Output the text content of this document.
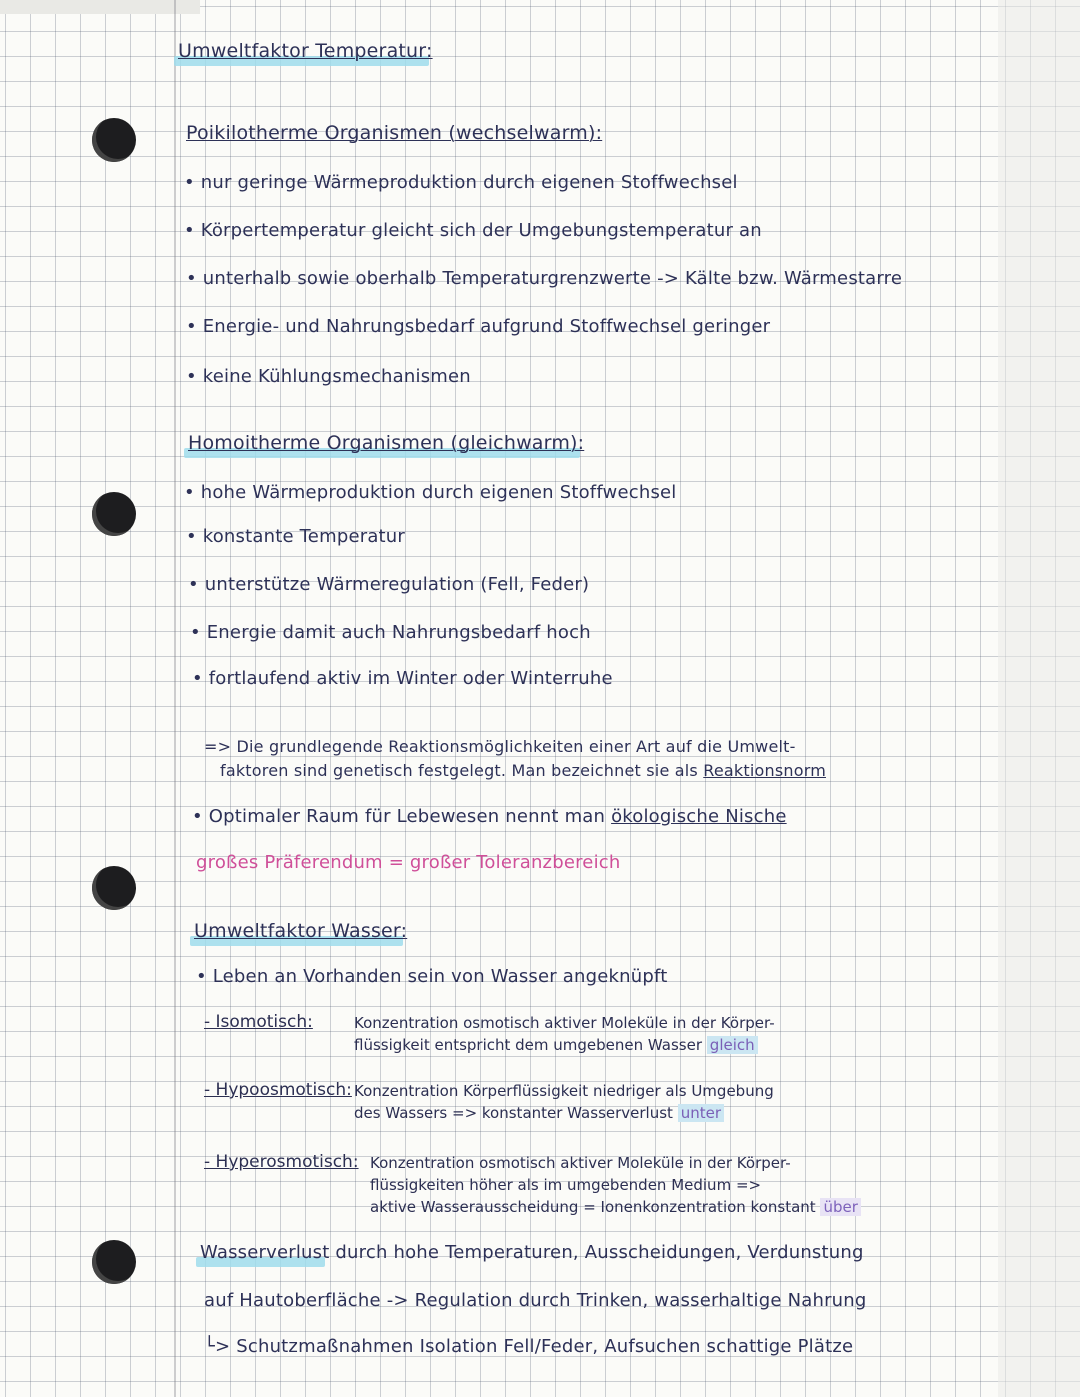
Umweltfaktor Temperatur:
Poikilotherme Organismen (wechselwarm):
• nur geringe Wärmeproduktion durch eigenen Stoffwechsel
• Körpertemperatur gleicht sich der Umgebungstemperatur an
• unterhalb sowie oberhalb Temperaturgrenzwerte -> Kälte bzw. Wärmestarre
• Energie- und Nahrungsbedarf aufgrund Stoffwechsel geringer
• keine Kühlungsmechanismen
Homoitherme Organismen (gleichwarm):
• hohe Wärmeproduktion durch eigenen Stoffwechsel
• konstante Temperatur
• unterstütze Wärmeregulation (Fell, Feder)
• Energie damit auch Nahrungsbedarf hoch
• fortlaufend aktiv im Winter oder Winterruhe
=> Die grundlegende Reaktionsmöglichkeiten einer Art auf die Umwelt-
faktoren sind genetisch festgelegt. Man bezeichnet sie als Reaktionsnorm
• Optimaler Raum für Lebewesen nennt man ökologische Nische
großes Präferendum = großer Toleranzbereich
Umweltfaktor Wasser:
• Leben an Vorhanden sein von Wasser angeknüpft
- Isomotisch:	Konzentration osmotisch aktiver Moleküle in der Körper-
flüssigkeit entspricht dem umgebenen Wasser gleich
- Hypoosmotisch: Konzentration Körperflüssigkeit niedriger als Umgebung
des Wassers => konstanter Wasserverlust unter
- Hyperosmotisch: Konzentration osmotisch aktiver Moleküle in der Körper-
flüssigkeiten höher als im umgebenden Medium =>
aktive Wasserausscheidung = Ionenkonzentration konstant über
Wasserverlust durch hohe Temperaturen, Ausscheidungen, Verdunstung
auf Hautoberfläche -> Regulation durch Trinken, wasserhaltige Nahrung
└> Schutzmaßnahmen Isolation Fell/Feder, Aufsuchen schattige Plätze
